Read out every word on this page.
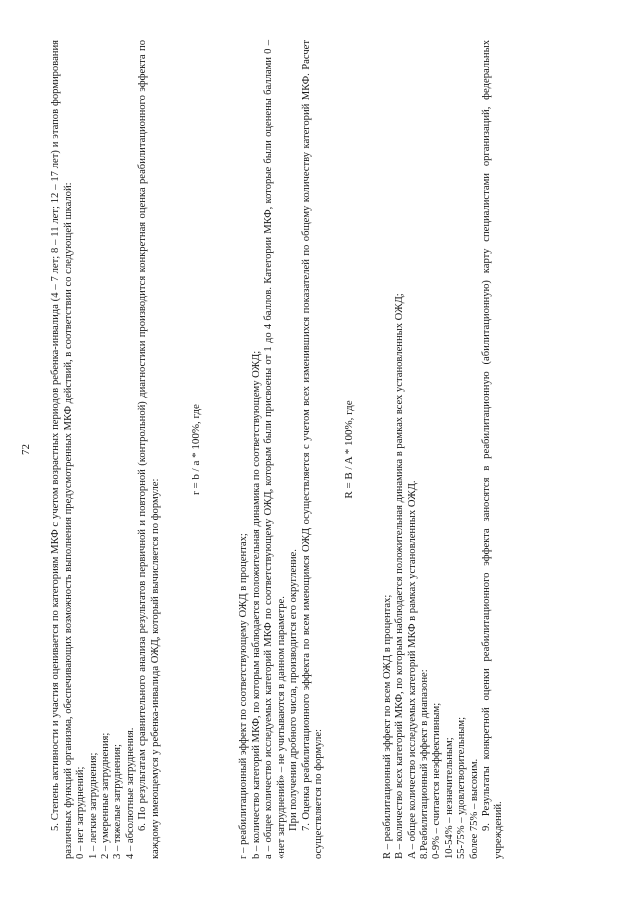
72 5. Степень активности и участия оценивается по категориям МКФ с учетом возрастных периодов ребенка-инвалида (4 – 7 лет; 8 – 11 лет; 12 – 17 лет) и этапов формирования различных функций организма, обеспечивающих возможность выполнения предусмотренных МКФ действий, в соответствии со следующей шкалой: 0 – нет затруднений; 1 – легкие затруднения; 2 – умеренные затруднения; 3 – тяжелые затруднения; 4 – абсолютные затруднения. 6. По результатам сравнительного анализа результатов первичной и повторной (контрольной) диагностики производится конкретная оценка реабилитационного эффекта по каждому имеющемуся у ребенка-инвалида ОЖД, который вычисляется по формуле:

r = b / a * 100%, где
r – реабилитационный эффект по соответствующему ОЖД в процентах; b – количество категорий МКФ, по которым наблюдается положительная динамика по соответствующему ОЖД; a – общее количество исследуемых категорий МКФ по соответствующему ОЖД, которым были присвоены от 1 до 4 баллов. Категории МКФ, которые были оценены баллами 0 – «нет затруднений» – не учитываются в данном параметре. При получении дробного числа, производится его округление. 7. Оценка реабилитационного эффекта по всем имеющимся ОЖД осуществляется с учетом всех изменившихся показателей по общему количеству категорий МКФ. Расчет осуществляется по формуле:

R = B / A * 100%, где
R – реабилитационный эффект по всем ОЖД в процентах; B – количество всех категорий МКФ, по которым наблюдается положительная динамика в рамках всех установленных ОЖД; A – общее количество исследуемых категорий МКФ в рамках установленных ОЖД. 8.Реабилитационный эффект в диапазоне: 0-9% – считается неэффективным; 10-54% – незначительным; 55-75% – удовлетворительным; более 75% – высоким. 9. Результаты конкретной оценки реабилитационного эффекта заносятся в реабилитационную (абилитационную) карту специалистами организаций, федеральных учреждений.
